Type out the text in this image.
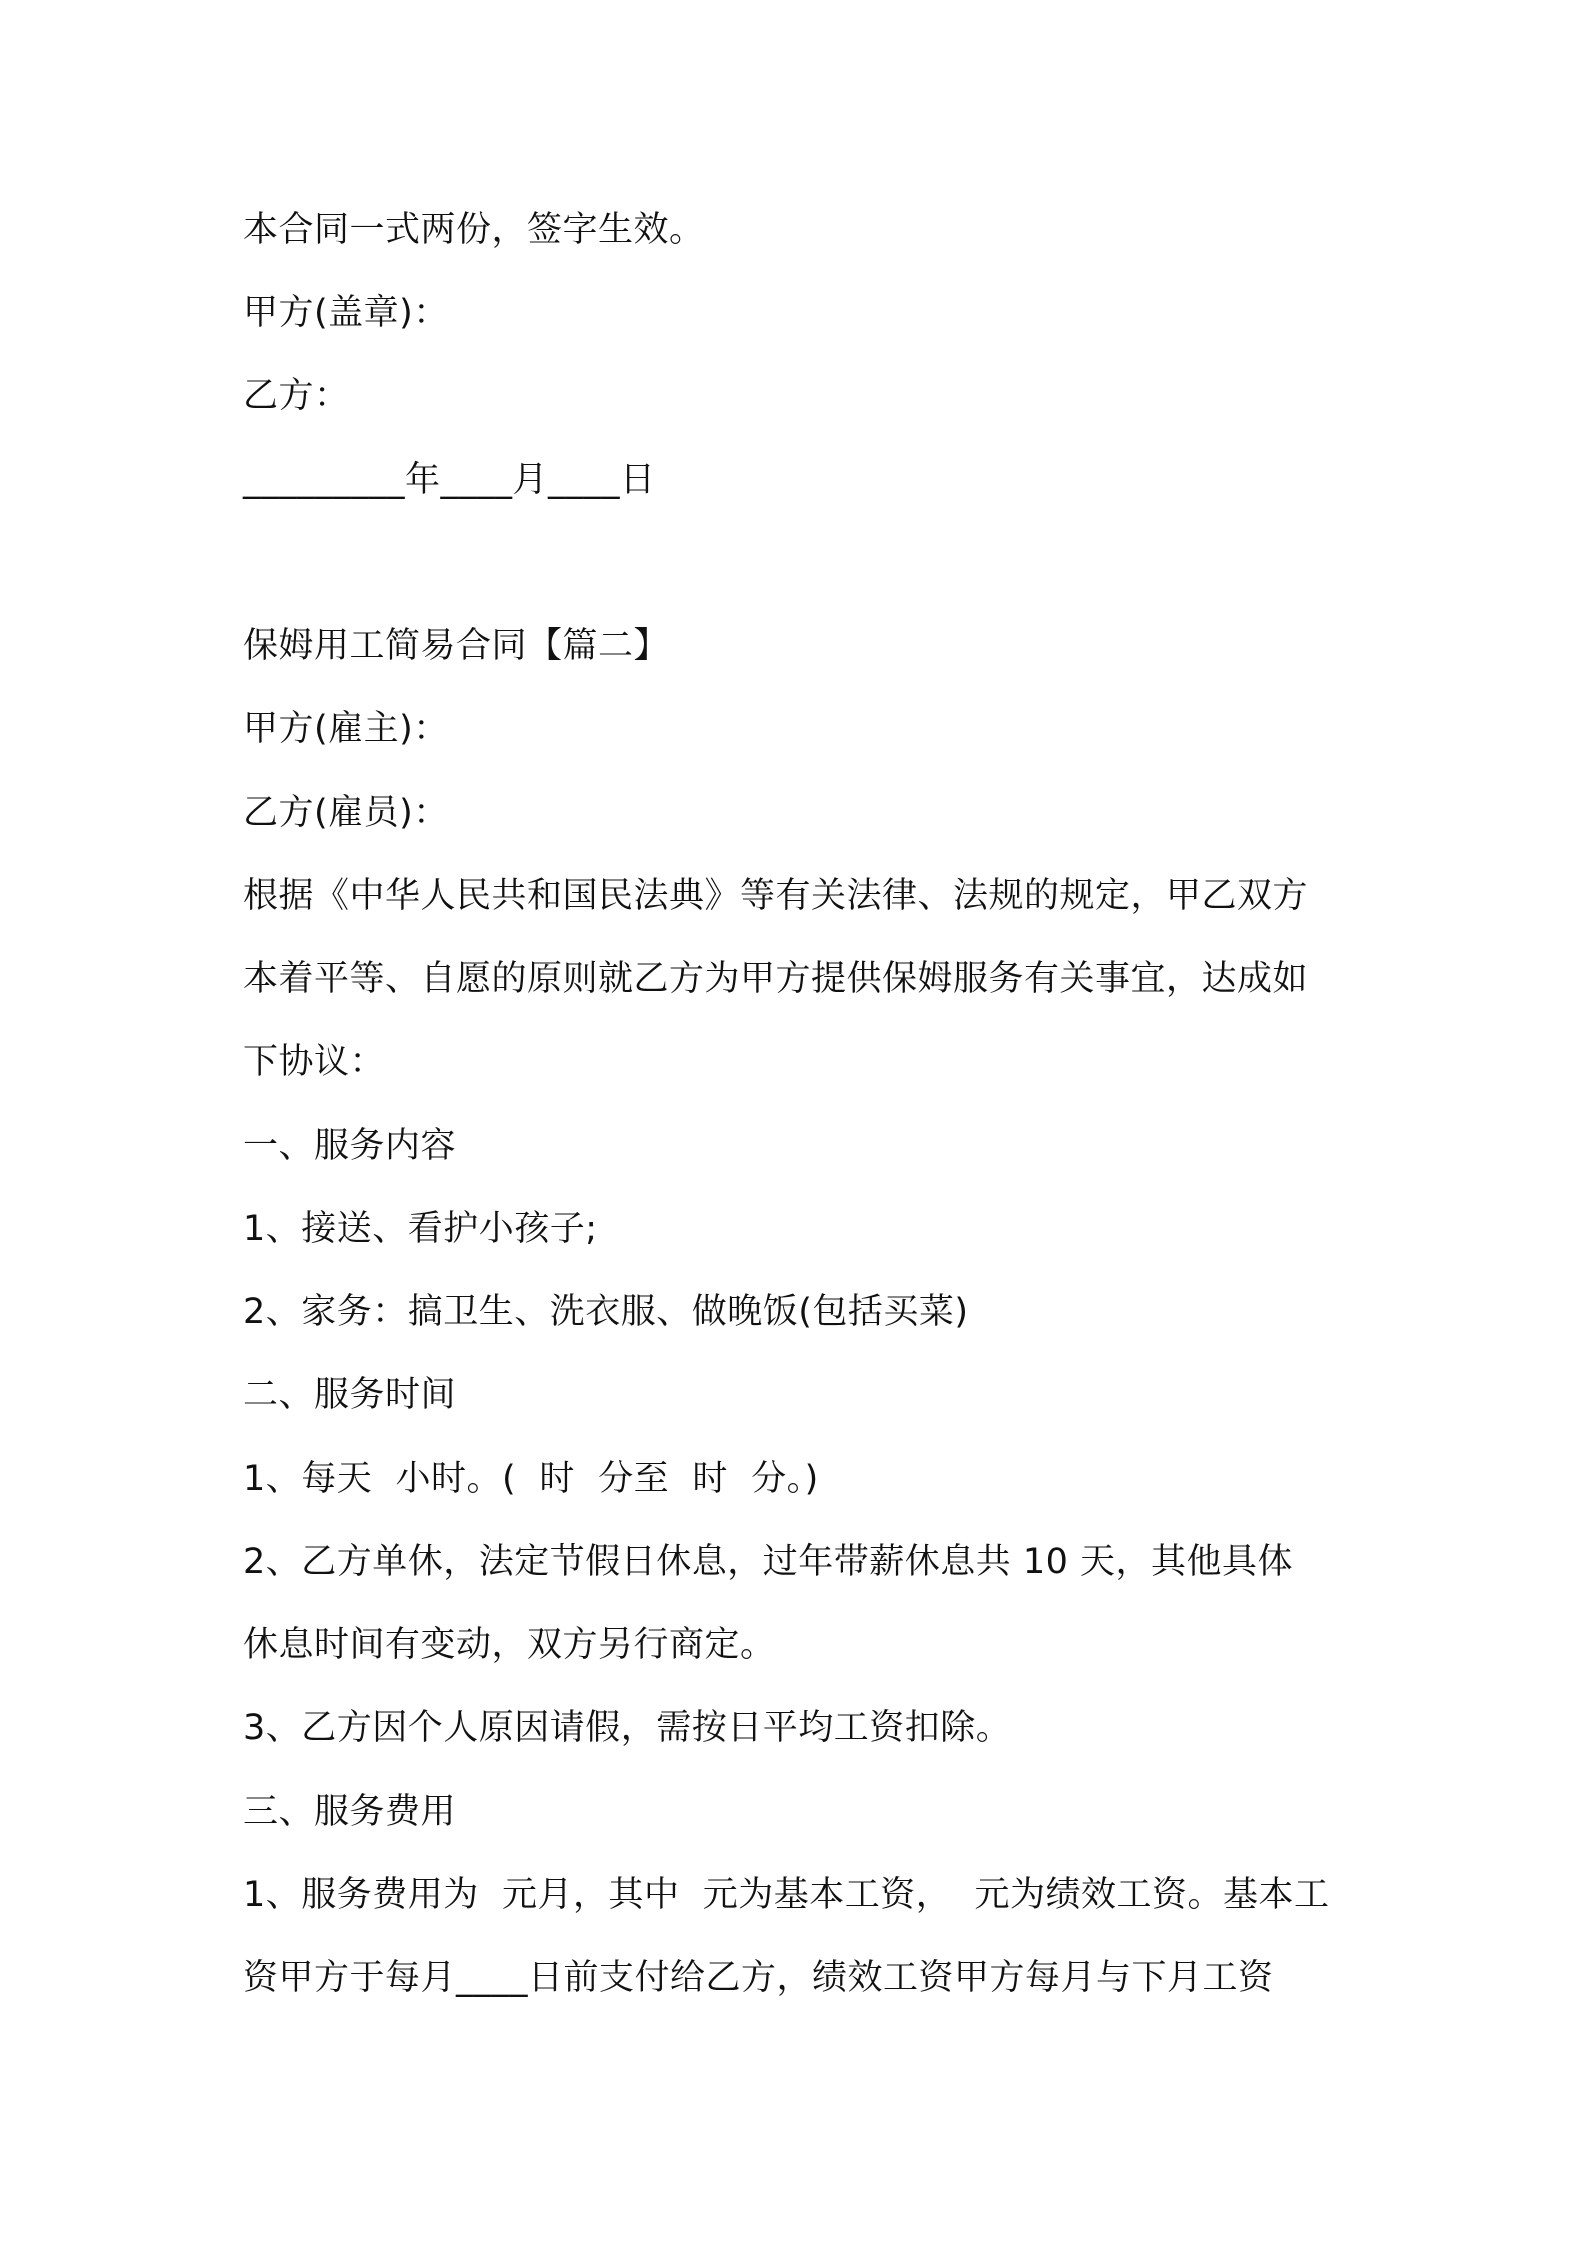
本合同一式两份，签字生效。
甲方(盖章)：
乙方：
_________年____月____日
保姆用工简易合同【篇二】
甲方(雇主)：
乙方(雇员)：
根据《中华人民共和国民法典》等有关法律、法规的规定，甲乙双方
本着平等、自愿的原则就乙方为甲方提供保姆服务有关事宜，达成如
下协议：
一、服务内容
1、接送、看护小孩子;
2、家务：搞卫生、洗衣服、做晚饭(包括买菜)
二、服务时间
1、每天  小时。(  时  分至  时  分。)
2、乙方单休，法定节假日休息，过年带薪休息共 10 天，其他具体
休息时间有变动，双方另行商定。
3、乙方因个人原因请假，需按日平均工资扣除。
三、服务费用
1、服务费用为  元月，其中  元为基本工资，  元为绩效工资。基本工
资甲方于每月____日前支付给乙方，绩效工资甲方每月与下月工资
